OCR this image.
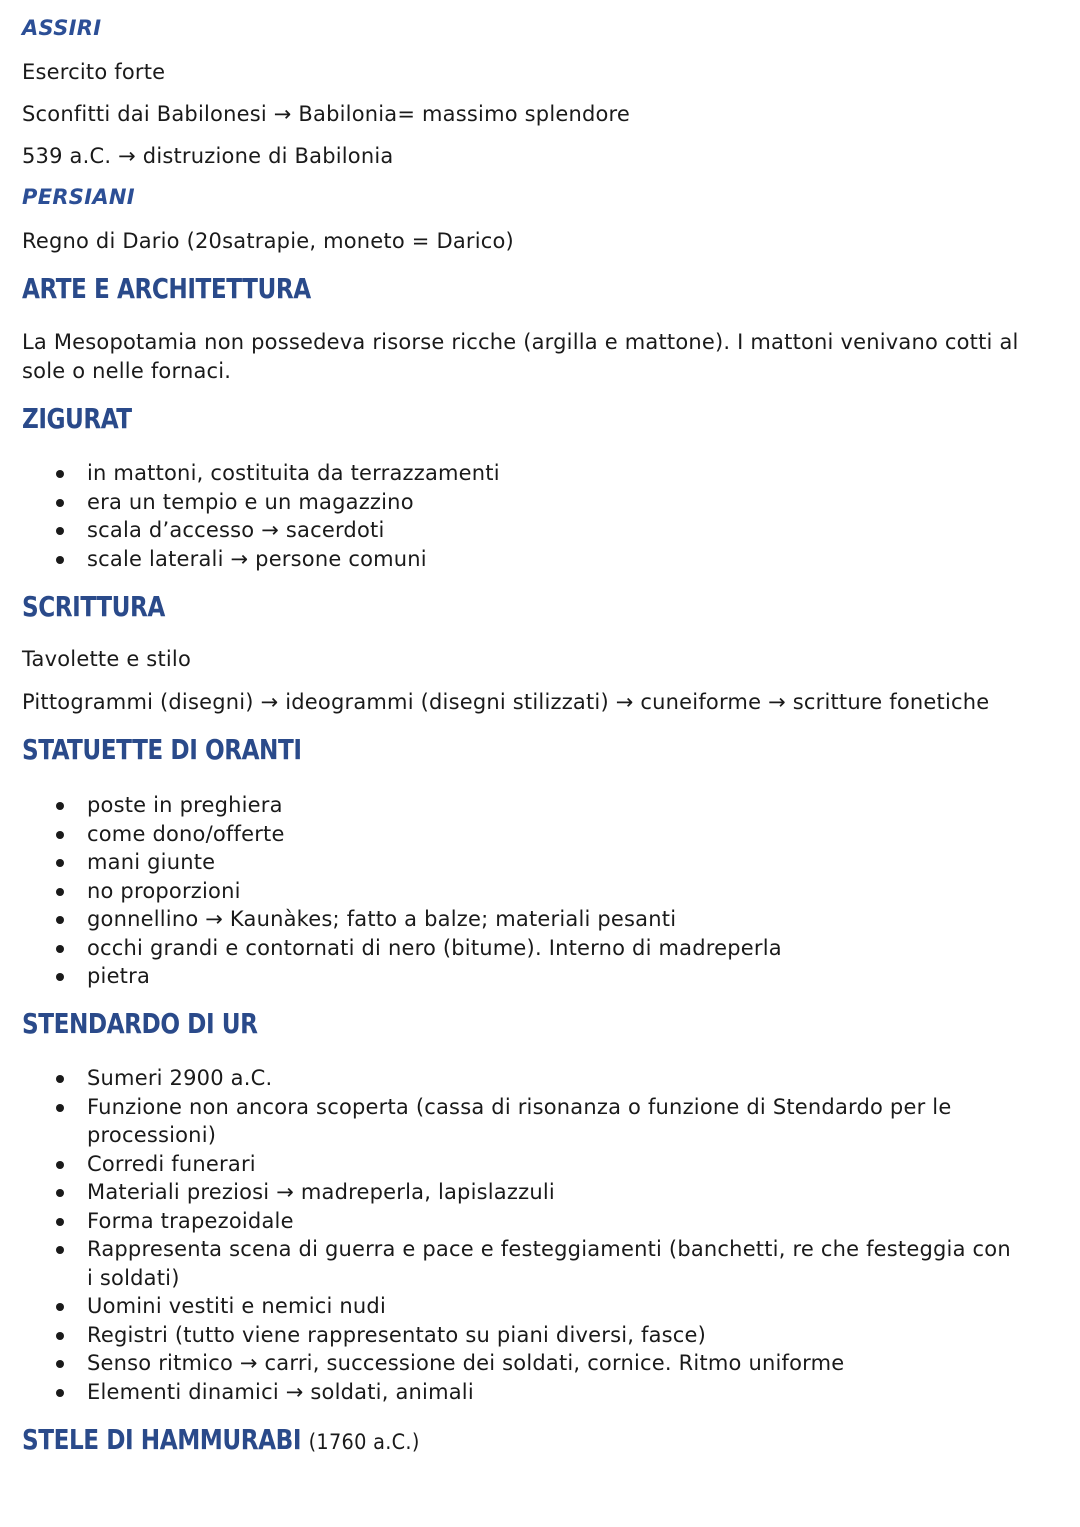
ASSIRI
Esercito forte
Sconfitti dai Babilonesi → Babilonia= massimo splendore
539 a.C. → distruzione di Babilonia
PERSIANI
Regno di Dario (20satrapie, moneto = Darico)
ARTE E ARCHITETTURA
La Mesopotamia non possedeva risorse ricche (argilla e mattone). I mattoni venivano cotti al sole o nelle fornaci.
ZIGURAT
in mattoni, costituita da terrazzamenti
era un tempio e un magazzino
scala d’accesso → sacerdoti
scale laterali → persone comuni
SCRITTURA
Tavolette e stilo
Pittogrammi (disegni) → ideogrammi (disegni stilizzati) → cuneiforme → scritture fonetiche
STATUETTE DI ORANTI
poste in preghiera
come dono/offerte
mani giunte
no proporzioni
gonnellino → Kaunàkes; fatto a balze; materiali pesanti
occhi grandi e contornati di nero (bitume). Interno di madreperla
pietra
STENDARDO DI UR
Sumeri 2900 a.C.
Funzione non ancora scoperta (cassa di risonanza o funzione di Stendardo per le processioni)
Corredi funerari
Materiali preziosi → madreperla, lapislazzuli
Forma trapezoidale
Rappresenta scena di guerra e pace e festeggiamenti (banchetti, re che festeggia con i soldati)
Uomini vestiti e nemici nudi
Registri (tutto viene rappresentato su piani diversi, fasce)
Senso ritmico → carri, successione dei soldati, cornice. Ritmo uniforme
Elementi dinamici → soldati, animali
STELE DI HAMMURABI (1760 a.C.)
